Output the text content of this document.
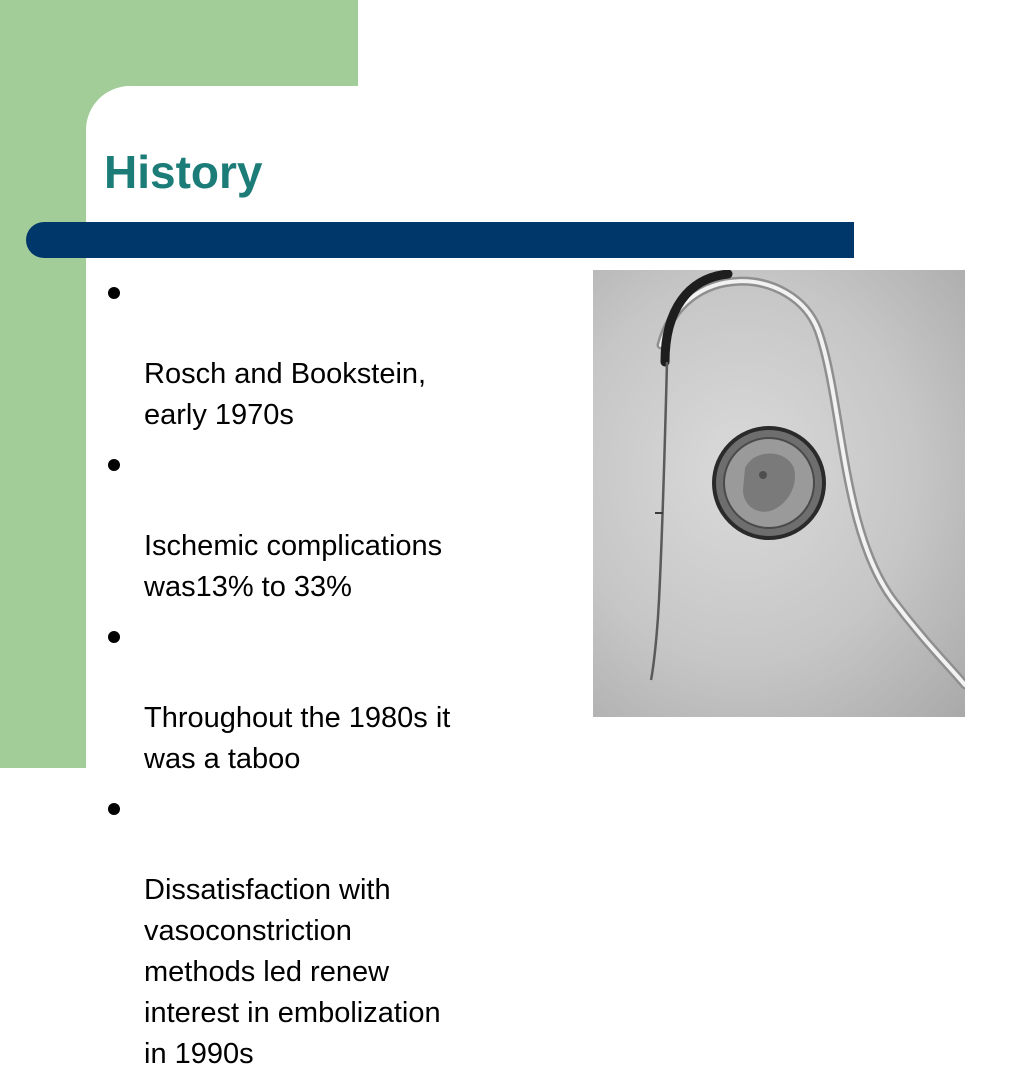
History

Rosch and Bookstein,
early 1970s

Ischemic complications
was13% to 33%

Throughout the 1980s it
was a taboo

Dissatisfaction with
vasoconstriction
methods led renew
interest in embolization
in 1990s
